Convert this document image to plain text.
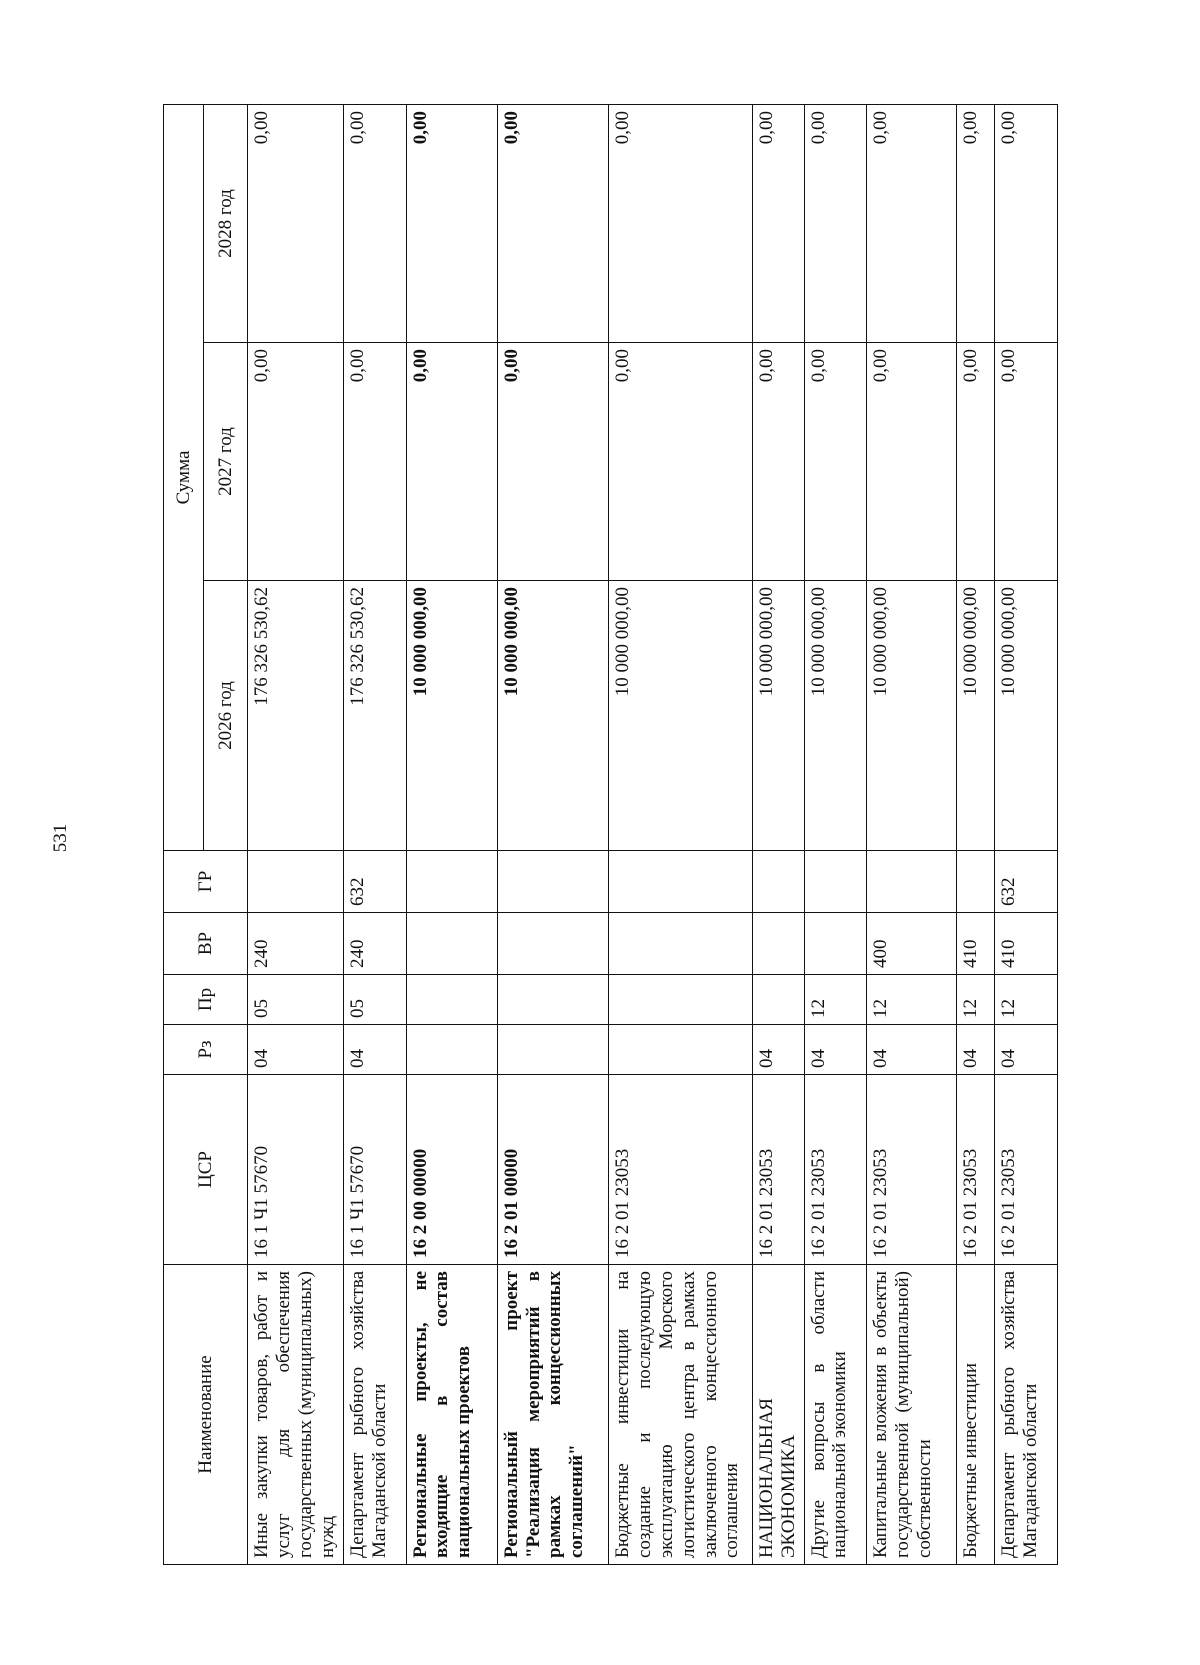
531
Наименование	ЦСР	Рз	Пр	ВР	ГР	Сумма		
						2026 год	2027 год	2028 год
Иные закупки товаров, работ и услуг для обеспечения государственных (муниципальных) нужд	16 1 Ч1 57670	04	05	240		176 326 530,62	0,00	0,00
Департамент рыбного хозяйства Магаданской области	16 1 Ч1 57670	04	05	240	632	176 326 530,62	0,00	0,00
Региональные проекты, не входящие в состав национальных проектов	16 2 00 00000					10 000 000,00	0,00	0,00
Региональный проект "Реализация мероприятий в рамках концессионных соглашений"	16 2 01 00000					10 000 000,00	0,00	0,00
Бюджетные инвестиции на создание и последующую эксплуатацию Морского логистического центра в рамках заключенного концессионного соглашения	16 2 01 23053					10 000 000,00	0,00	0,00
НАЦИОНАЛЬНАЯ ЭКОНОМИКА	16 2 01 23053	04				10 000 000,00	0,00	0,00
Другие вопросы в области национальной экономики	16 2 01 23053	04	12			10 000 000,00	0,00	0,00
Капитальные вложения в объекты государственной (муниципальной) собственности	16 2 01 23053	04	12	400		10 000 000,00	0,00	0,00
Бюджетные инвестиции	16 2 01 23053	04	12	410		10 000 000,00	0,00	0,00
Департамент рыбного хозяйства Магаданской области	16 2 01 23053	04	12	410	632	10 000 000,00	0,00	0,00
